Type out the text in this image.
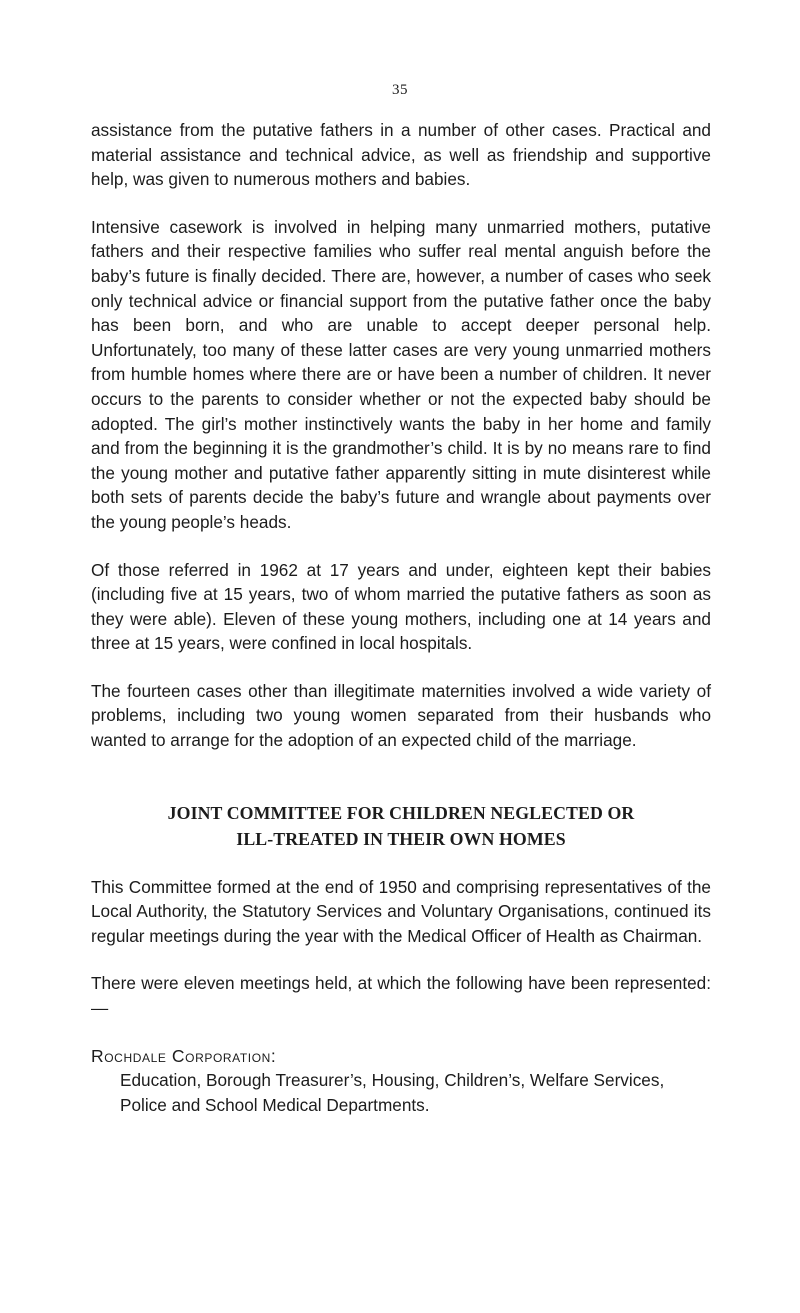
35

assistance from the putative fathers in a number of other cases. Practical and material assistance and technical advice, as well as friendship and supportive help, was given to numerous mothers and babies.

Intensive casework is involved in helping many unmarried mothers, putative fathers and their respective families who suffer real mental anguish before the baby’s future is finally decided. There are, however, a number of cases who seek only technical advice or financial support from the putative father once the baby has been born, and who are unable to accept deeper personal help. Unfortunately, too many of these latter cases are very young unmarried mothers from humble homes where there are or have been a number of children. It never occurs to the parents to consider whether or not the expected baby should be adopted. The girl’s mother instinctively wants the baby in her home and family and from the beginning it is the grandmother’s child. It is by no means rare to find the young mother and putative father apparently sitting in mute disinterest while both sets of parents decide the baby’s future and wrangle about payments over the young people’s heads.

Of those referred in 1962 at 17 years and under, eighteen kept their babies (including five at 15 years, two of whom married the putative fathers as soon as they were able). Eleven of these young mothers, including one at 14 years and three at 15 years, were confined in local hospitals.

The fourteen cases other than illegitimate maternities involved a wide variety of problems, including two young women separated from their husbands who wanted to arrange for the adoption of an expected child of the marriage.

JOINT COMMITTEE FOR CHILDREN NEGLECTED OR

ILL-TREATED IN THEIR OWN HOMES

This Committee formed at the end of 1950 and comprising representatives of the Local Authority, the Statutory Services and Voluntary Organisations, continued its regular meetings during the year with the Medical Officer of Health as Chairman.

There were eleven meetings held, at which the following have been represented:—

Rochdale Corporation:

Education, Borough Treasurer’s, Housing, Children’s, Welfare Services, Police and School Medical Departments.
